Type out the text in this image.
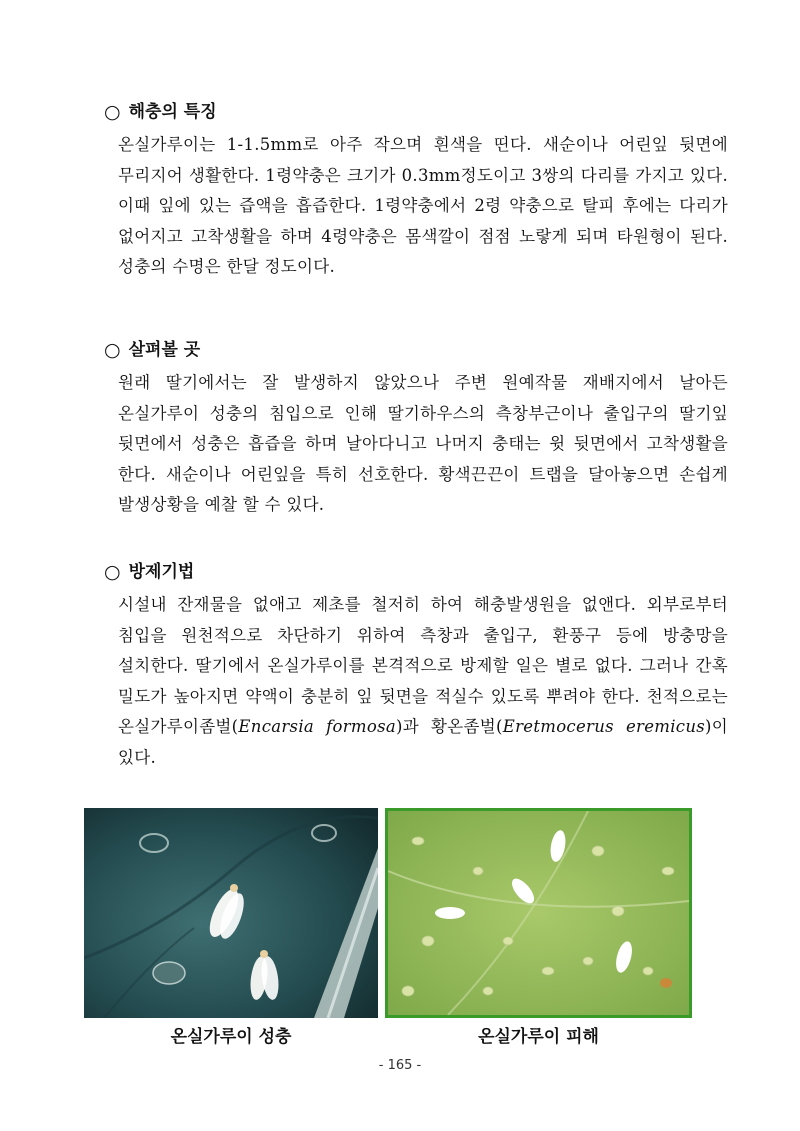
○ 해충의 특징
온실가루이는 1-1.5mm로 아주 작으며 흰색을 띤다. 새순이나 어린잎 뒷면에 무리지어 생활한다. 1령약충은 크기가 0.3mm정도이고 3쌍의 다리를 가지고 있다. 이때 잎에 있는 즙액을 흡즙한다. 1령약충에서 2령 약충으로 탈피 후에는 다리가 없어지고 고착생활을 하며 4령약충은 몸색깔이 점점 노랗게 되며 타원형이 된다. 성충의 수명은 한달 정도이다.
○ 살펴볼 곳
원래 딸기에서는 잘 발생하지 않았으나 주변 원예작물 재배지에서 날아든 온실가루이 성충의 침입으로 인해 딸기하우스의 측창부근이나 출입구의 딸기잎 뒷면에서 성충은 흡즙을 하며 날아다니고 나머지 충태는 윗 뒷면에서 고착생활을 한다. 새순이나 어린잎을 특히 선호한다. 황색끈끈이 트랩을 달아놓으면 손쉽게 발생상황을 예찰 할 수 있다.
○ 방제기법
시설내 잔재물을 없애고 제초를 철저히 하여 해충발생원을 없앤다. 외부로부터 침입을 원천적으로 차단하기 위하여 측창과 출입구, 환풍구 등에 방충망을 설치한다. 딸기에서 온실가루이를 본격적으로 방제할 일은 별로 없다. 그러나 간혹 밀도가 높아지면 약액이 충분히 잎 뒷면을 적실수 있도록 뿌려야 한다. 천적으로는 온실가루이좀벌(Encarsia formosa)과 황온좀벌(Eretmocerus eremicus)이 있다.
온실가루이 성충	온실가루이 피해
- 165 -
